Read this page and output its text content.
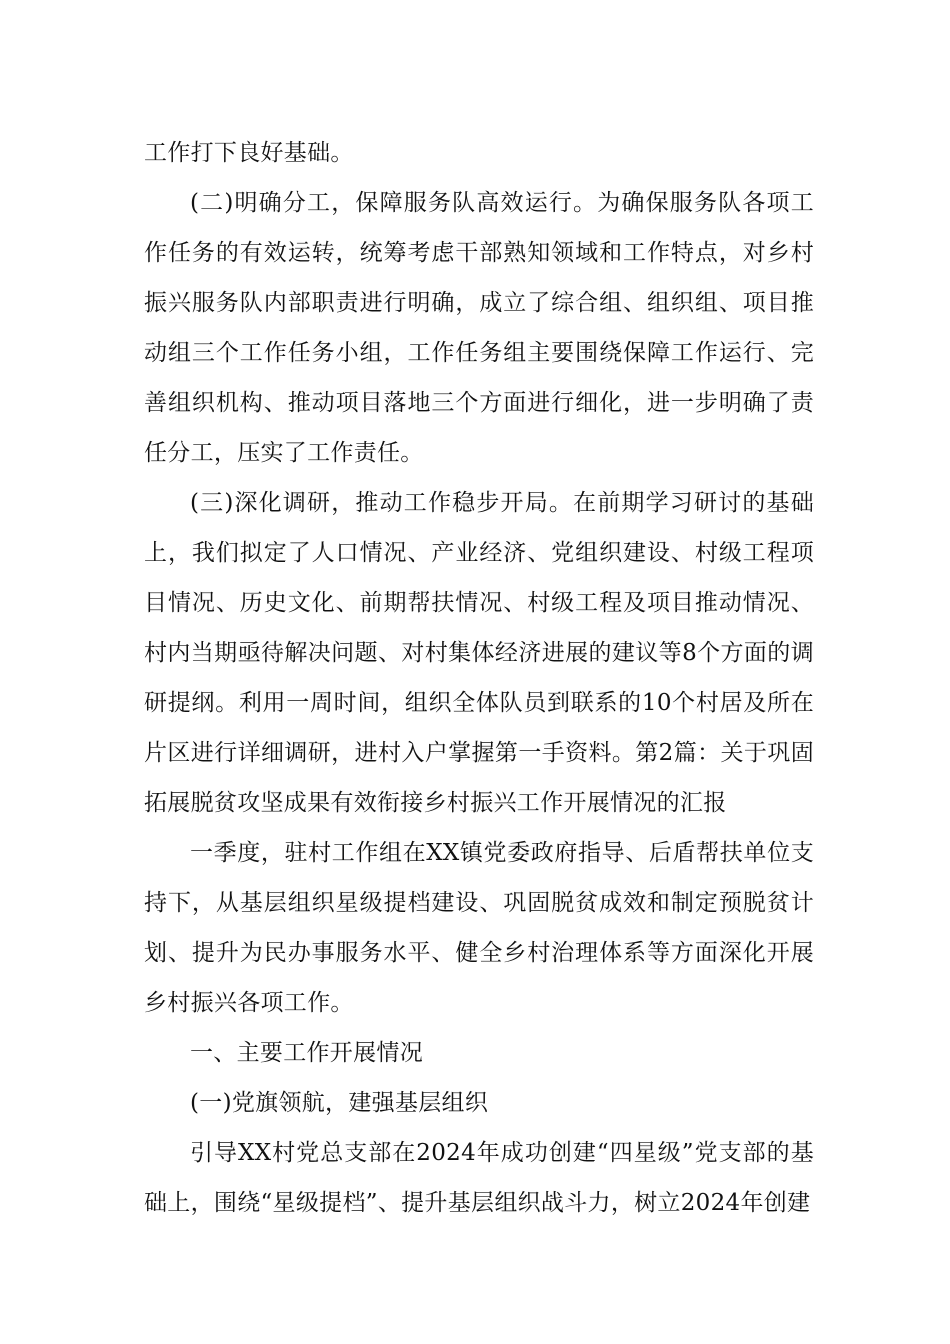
工作打下良好基础。

(二)明确分工，保障服务队高效运行。为确保服务队各项工作任务的有效运转，统筹考虑干部熟知领域和工作特点，对乡村振兴服务队内部职责进行明确，成立了综合组、组织组、项目推动组三个工作任务小组，工作任务组主要围绕保障工作运行、完善组织机构、推动项目落地三个方面进行细化，进一步明确了责任分工，压实了工作责任。

(三)深化调研，推动工作稳步开局。在前期学习研讨的基础上，我们拟定了人口情况、产业经济、党组织建设、村级工程项目情况、历史文化、前期帮扶情况、村级工程及项目推动情况、村内当期亟待解决问题、对村集体经济进展的建议等8个方面的调研提纲。利用一周时间，组织全体队员到联系的10个村居及所在片区进行详细调研，进村入户掌握第一手资料。第2篇：关于巩固拓展脱贫攻坚成果有效衔接乡村振兴工作开展情况的汇报

一季度，驻村工作组在XX镇党委政府指导、后盾帮扶单位支持下，从基层组织星级提档建设、巩固脱贫成效和制定预脱贫计划、提升为民办事服务水平、健全乡村治理体系等方面深化开展乡村振兴各项工作。

一、主要工作开展情况

(一)党旗领航，建强基层组织

引导XX村党总支部在2024年成功创建“四星级”党支部的基础上，围绕“星级提档”、提升基层组织战斗力，树立2024年创建
